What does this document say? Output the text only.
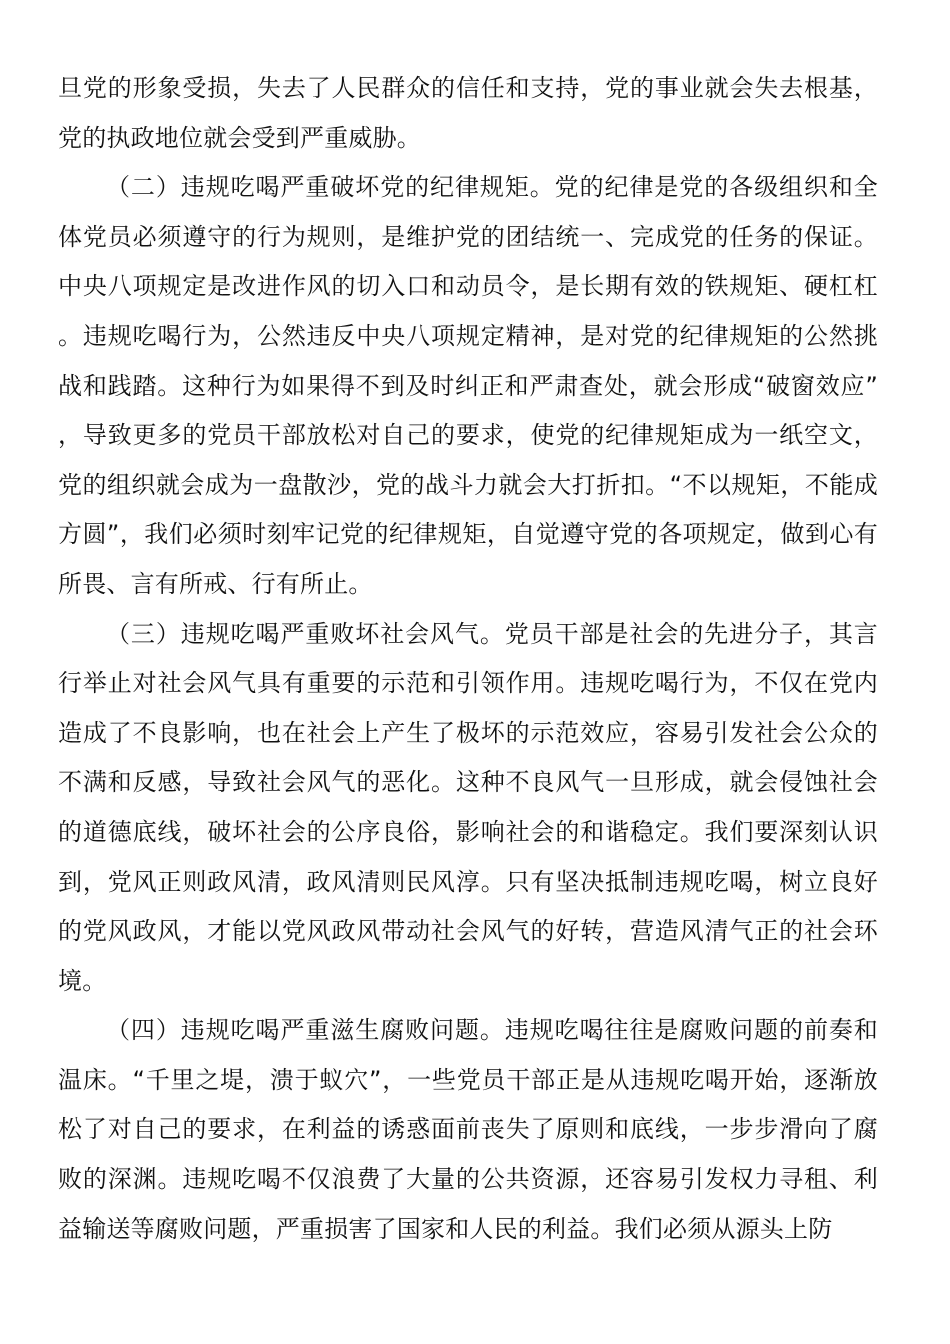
旦党的形象受损，失去了人民群众的信任和支持，党的事业就会失去根基，党的执政地位就会受到严重威胁。

（二）违规吃喝严重破坏党的纪律规矩。党的纪律是党的各级组织和全体党员必须遵守的行为规则，是维护党的团结统一、完成党的任务的保证。中央八项规定是改进作风的切入口和动员令，是长期有效的铁规矩、硬杠杠。违规吃喝行为，公然违反中央八项规定精神，是对党的纪律规矩的公然挑战和践踏。这种行为如果得不到及时纠正和严肃查处，就会形成“破窗效应”，导致更多的党员干部放松对自己的要求，使党的纪律规矩成为一纸空文，党的组织就会成为一盘散沙，党的战斗力就会大打折扣。“不以规矩，不能成方圆”，我们必须时刻牢记党的纪律规矩，自觉遵守党的各项规定，做到心有所畏、言有所戒、行有所止。

（三）违规吃喝严重败坏社会风气。党员干部是社会的先进分子，其言行举止对社会风气具有重要的示范和引领作用。违规吃喝行为，不仅在党内造成了不良影响，也在社会上产生了极坏的示范效应，容易引发社会公众的不满和反感，导致社会风气的恶化。这种不良风气一旦形成，就会侵蚀社会的道德底线，破坏社会的公序良俗，影响社会的和谐稳定。我们要深刻认识到，党风正则政风清，政风清则民风淳。只有坚决抵制违规吃喝，树立良好的党风政风，才能以党风政风带动社会风气的好转，营造风清气正的社会环境。

（四）违规吃喝严重滋生腐败问题。违规吃喝往往是腐败问题的前奏和温床。“千里之堤，溃于蚁穴”，一些党员干部正是从违规吃喝开始，逐渐放松了对自己的要求，在利益的诱惑面前丧失了原则和底线，一步步滑向了腐败的深渊。违规吃喝不仅浪费了大量的公共资源，还容易引发权力寻租、利益输送等腐败问题，严重损害了国家和人民的利益。我们必须从源头上防
